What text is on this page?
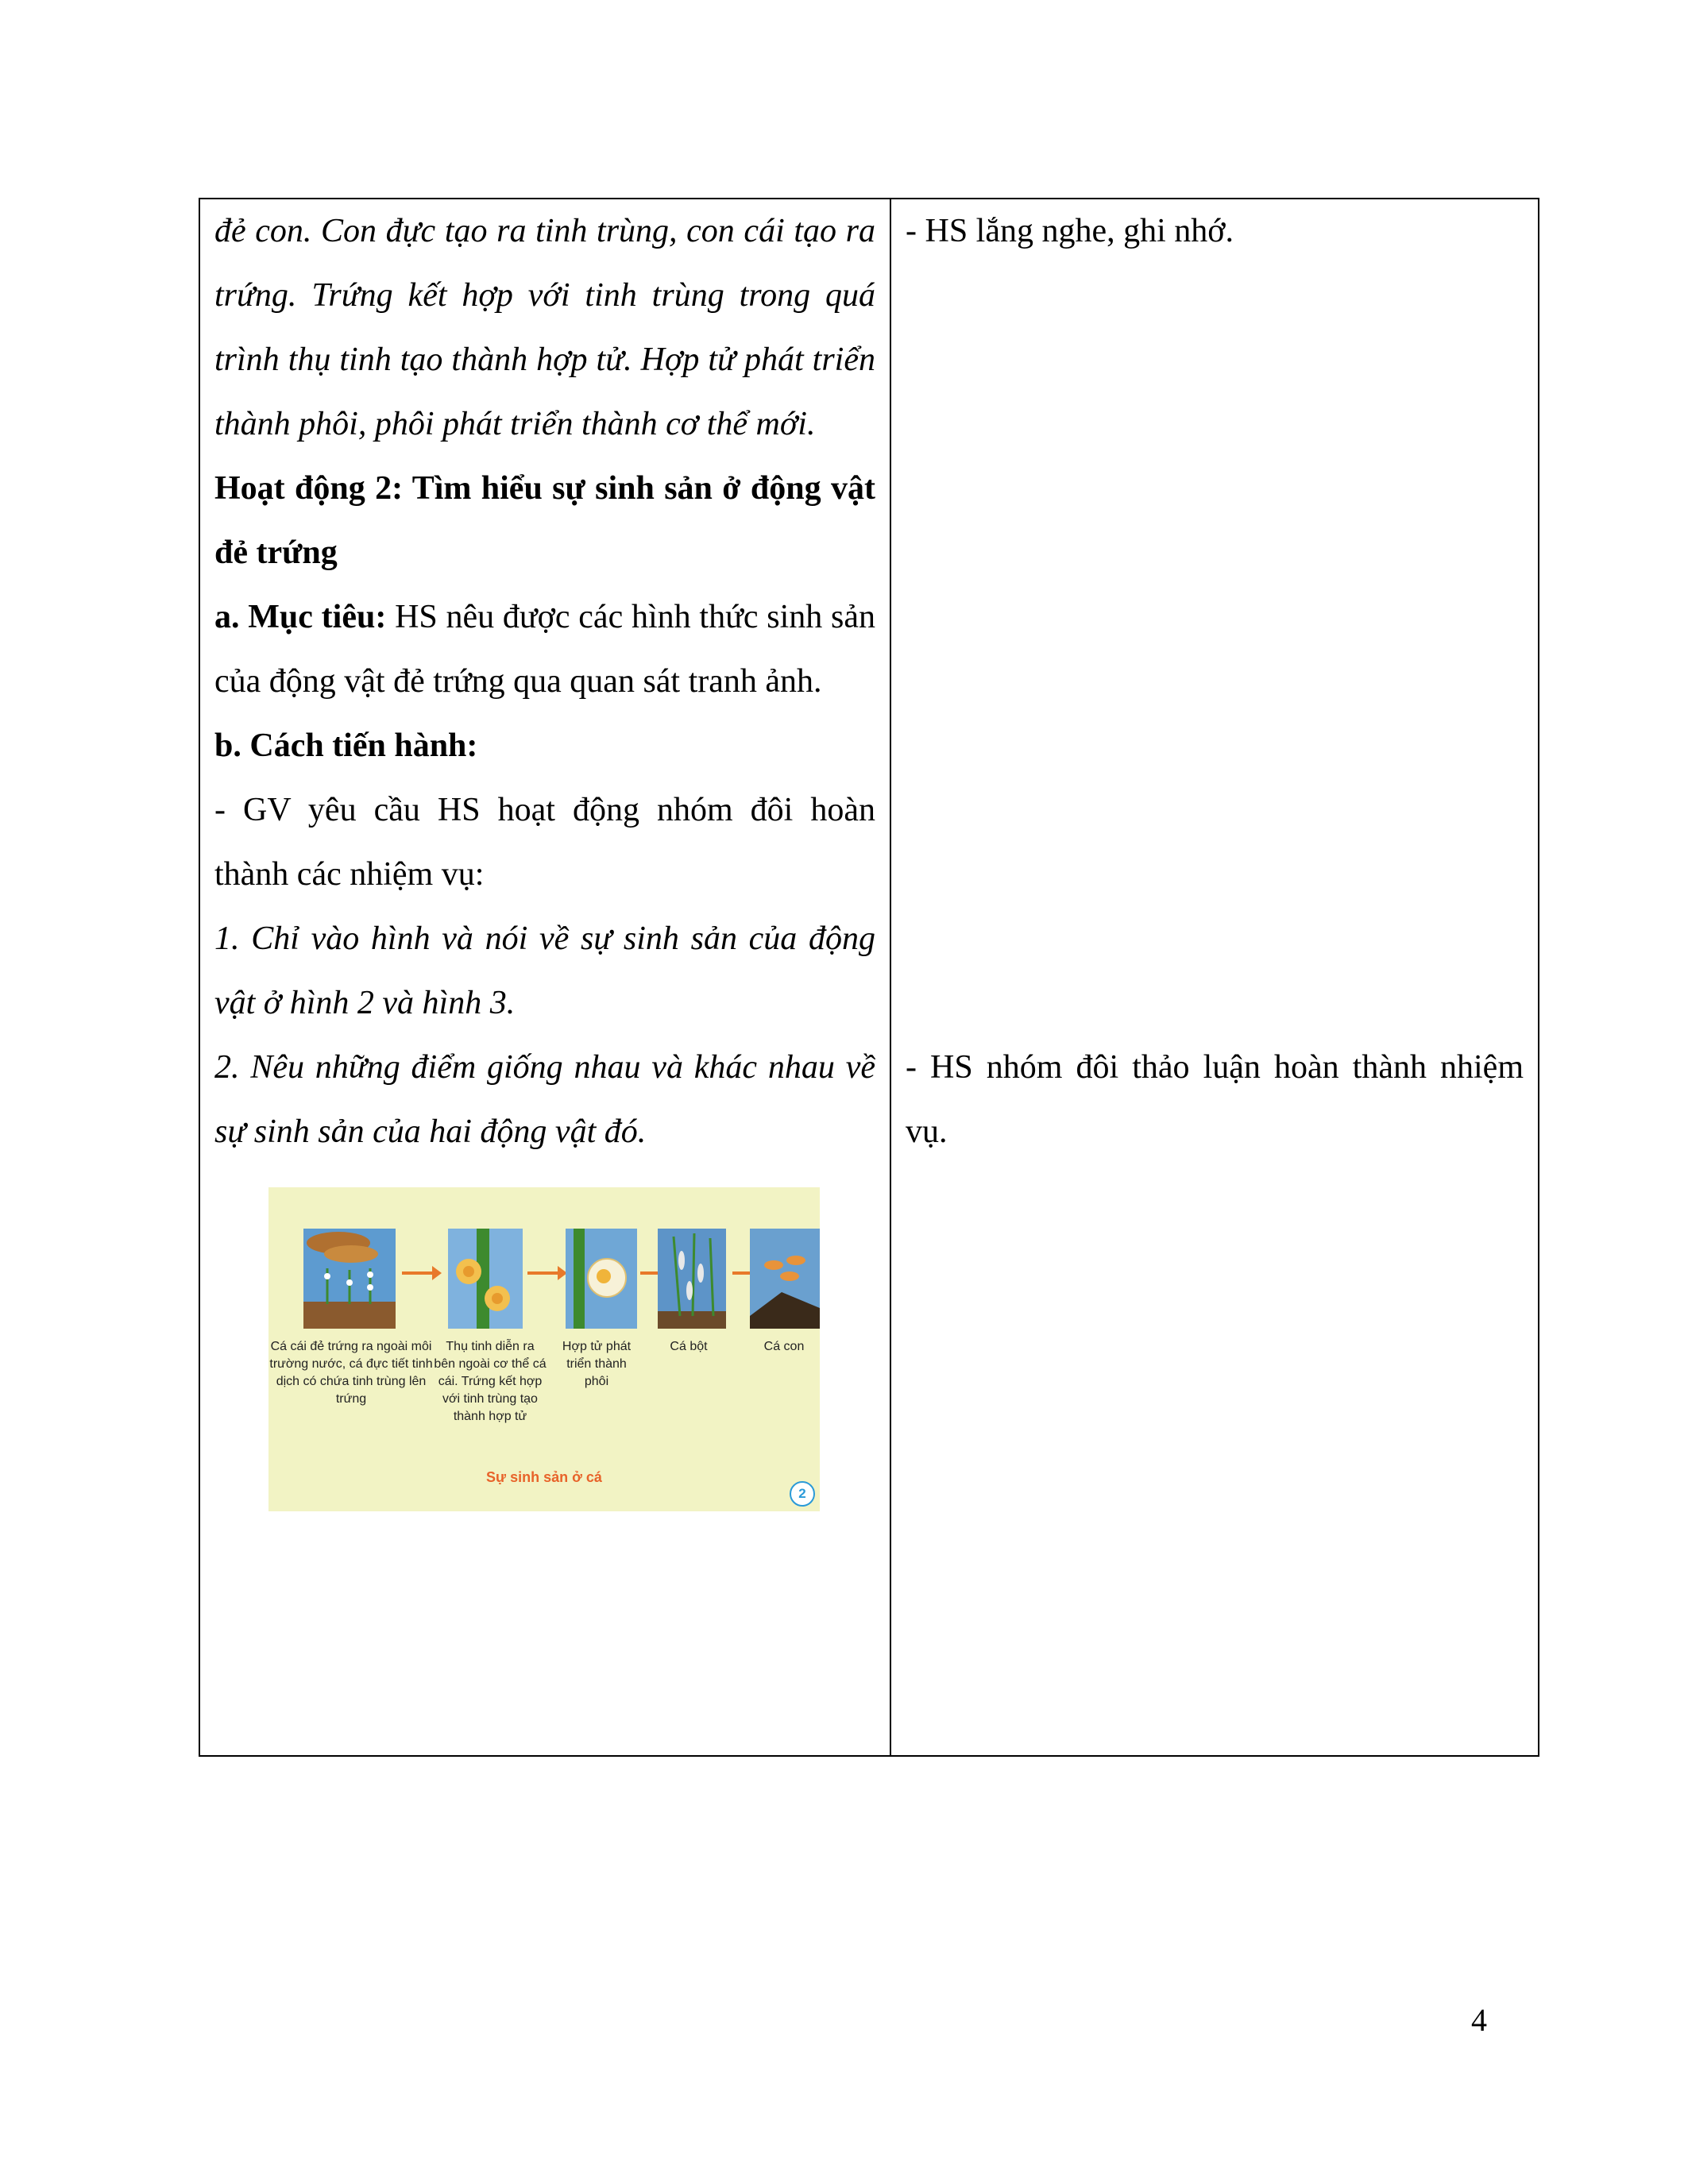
đẻ con. Con đực tạo ra tinh trùng, con cái tạo ra trứng. Trứng kết hợp với tinh trùng trong quá trình thụ tinh tạo thành hợp tử. Hợp tử phát triển thành phôi, phôi phát triển thành cơ thể mới.

Hoạt động 2: Tìm hiểu sự sinh sản ở động vật đẻ trứng

a. Mục tiêu: HS nêu được các hình thức sinh sản của động vật đẻ trứng qua quan sát tranh ảnh.

b. Cách tiến hành:

- GV yêu cầu HS hoạt động nhóm đôi hoàn thành các nhiệm vụ:

1. Chỉ vào hình và nói về sự sinh sản của động vật ở hình 2 và hình 3.

2. Nêu những điểm giống nhau và khác nhau về sự sinh sản của hai động vật đó.

Cá cái đẻ trứng ra ngoài môi trường nước, cá đực tiết tinh dịch có chứa tinh trùng lên trứng
Thụ tinh diễn ra bên ngoài cơ thể cá cái. Trứng kết hợp với tinh trùng tạo thành hợp tử
Hợp tử phát triển thành phôi
Cá bột	Cá con
Sự sinh sản ở cá
2

- HS lắng nghe, ghi nhớ.

- HS nhóm đôi thảo luận hoàn thành nhiệm vụ.

4
